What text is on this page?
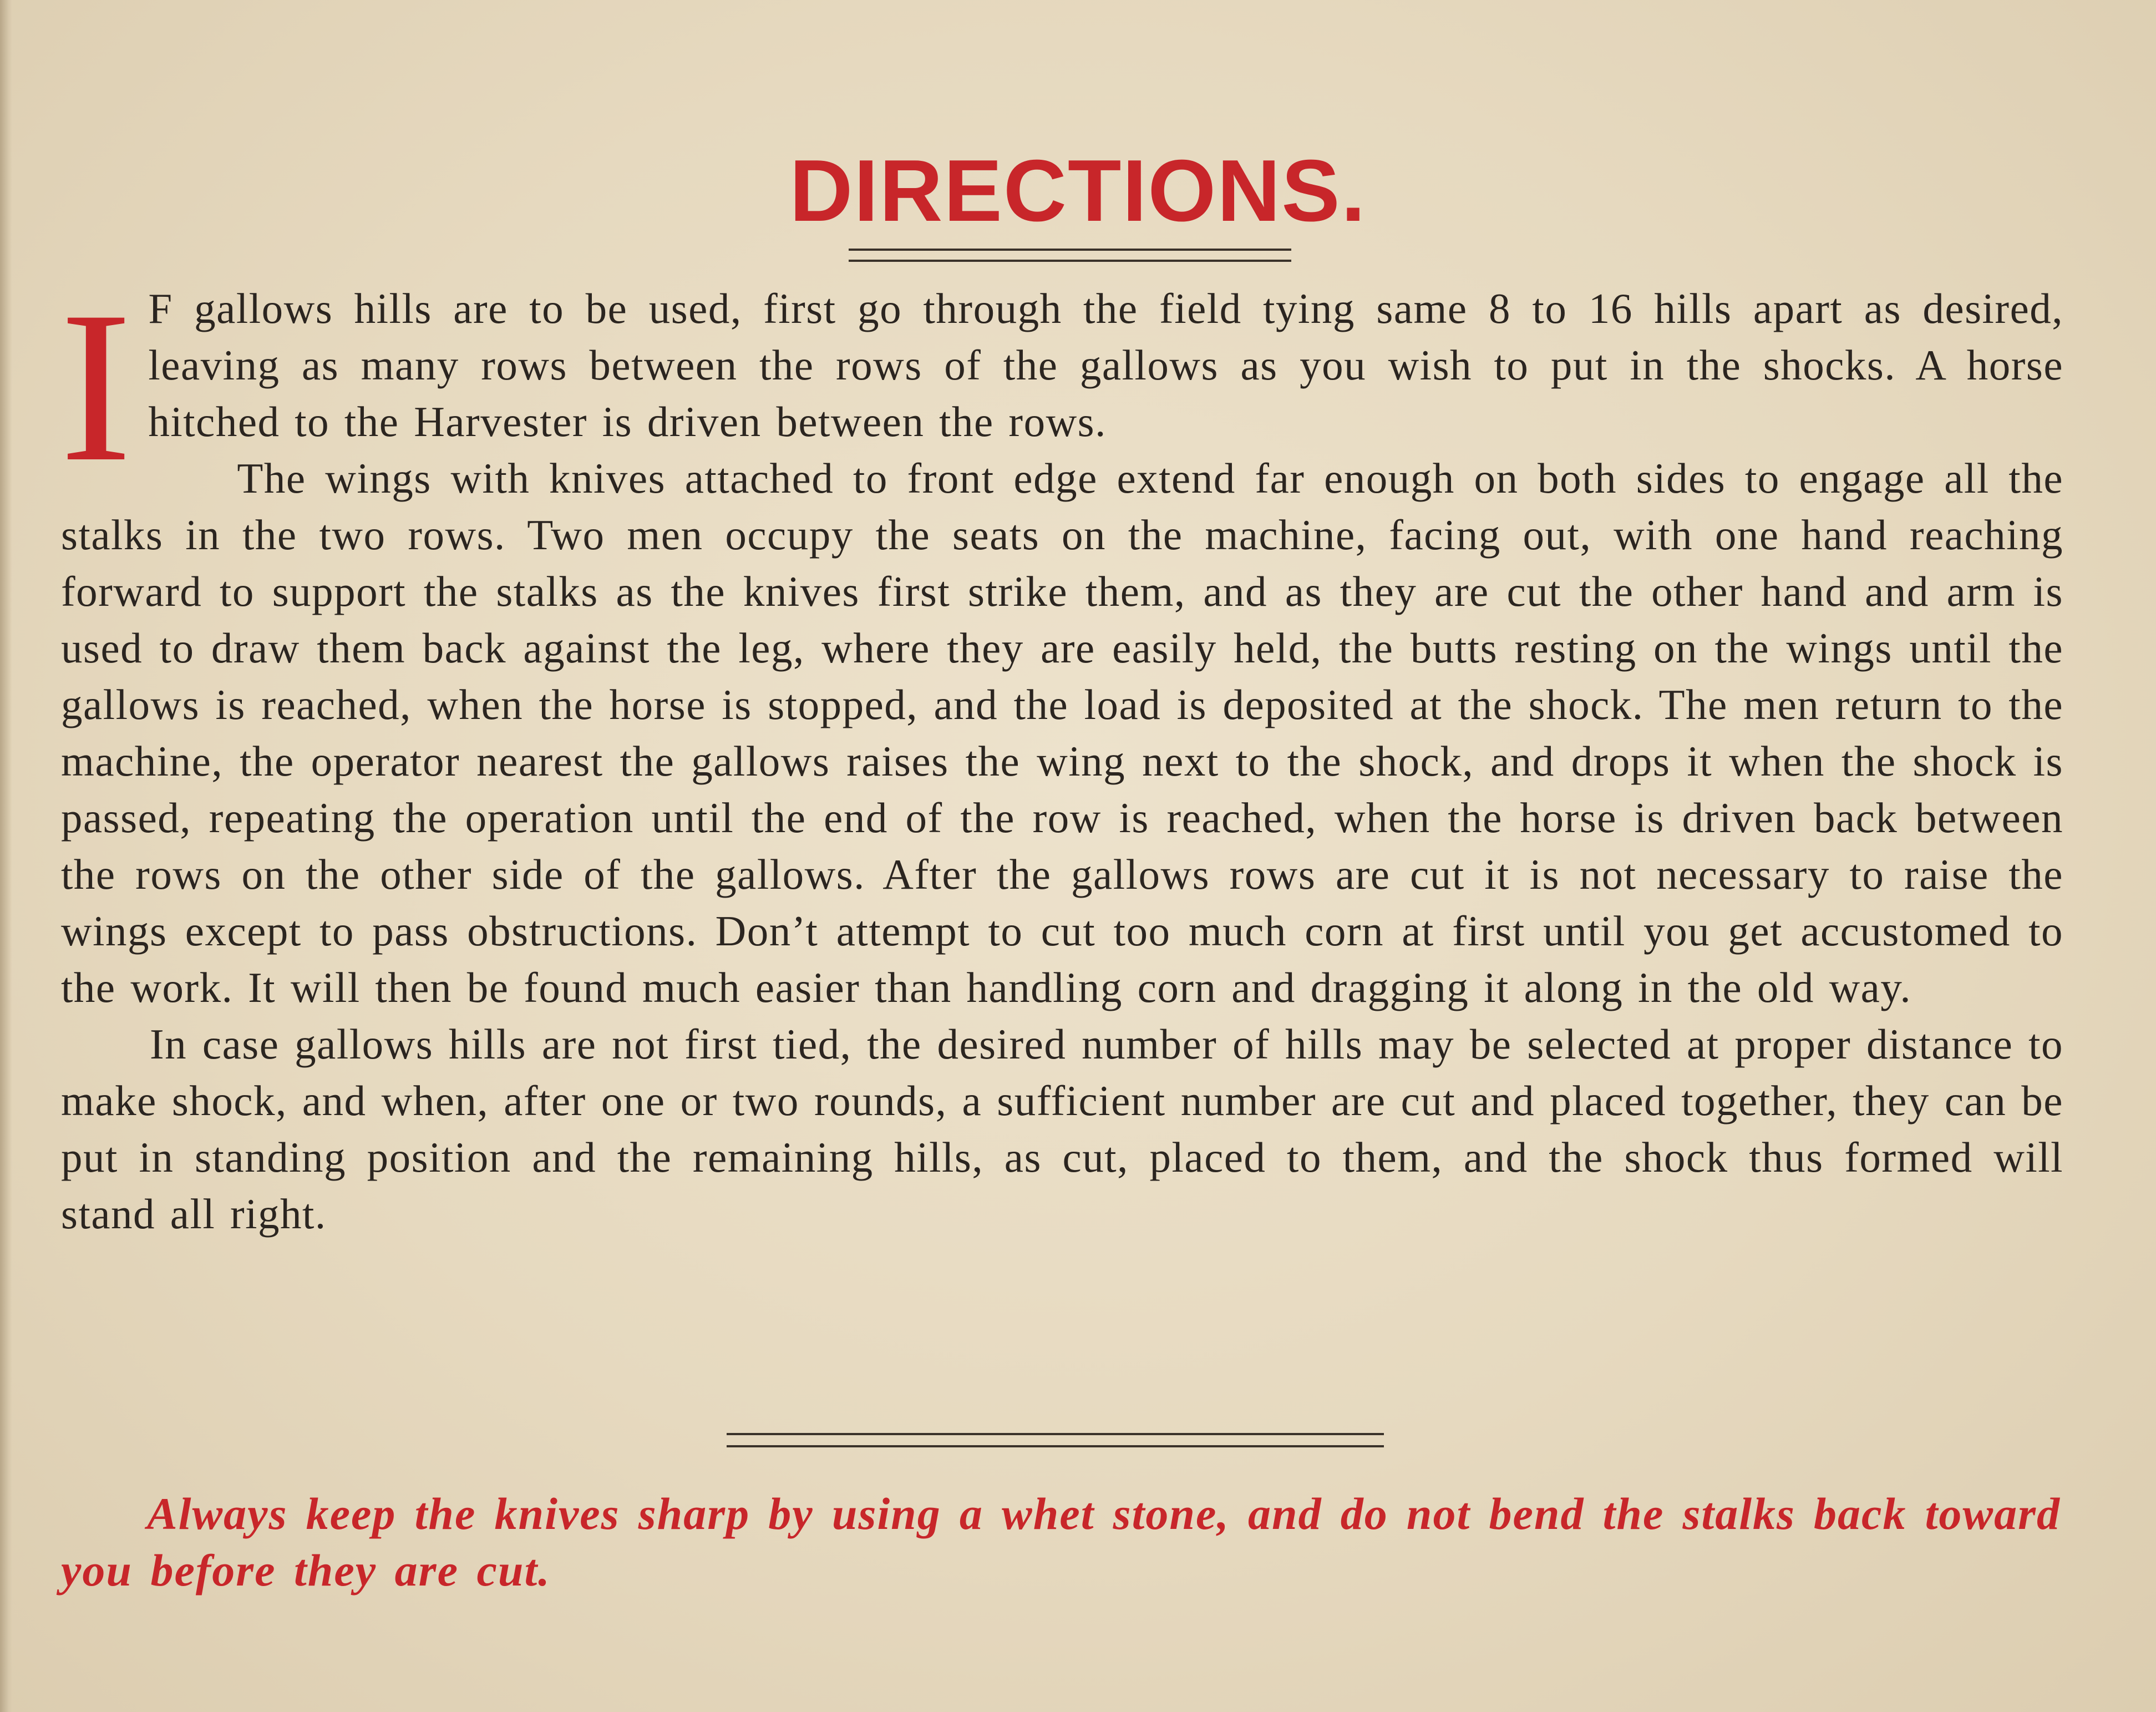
DIRECTIONS.

I F gallows hills are to be used, first go through the field tying same 8 to 16 hills apart as desired, leaving as many rows between the rows of the gallows as you wish to put in the shocks. A horse hitched to the Harvester is driven between the rows.

The wings with knives attached to front edge extend far enough on both sides to engage all the stalks in the two rows. Two men occupy the seats on the machine, facing out, with one hand reaching forward to support the stalks as the knives first strike them, and as they are cut the other hand and arm is used to draw them back against the leg, where they are easily held, the butts resting on the wings until the gallows is reached, when the horse is stopped, and the load is deposited at the shock. The men return to the machine, the operator nearest the gallows raises the wing next to the shock, and drops it when the shock is passed, repeating the operation until the end of the row is reached, when the horse is driven back between the rows on the other side of the gallows. After the gallows rows are cut it is not necessary to raise the wings except to pass obstructions. Don’t attempt to cut too much corn at first until you get accustomed to the work. It will then be found much easier than handling corn and dragging it along in the old way.

In case gallows hills are not first tied, the desired number of hills may be selected at proper distance to make shock, and when, after one or two rounds, a sufficient number are cut and placed together, they can be put in standing position and the remaining hills, as cut, placed to them, and the shock thus formed will stand all right.

Always keep the knives sharp by using a whet stone, and do not bend the stalks back toward you before they are cut.
